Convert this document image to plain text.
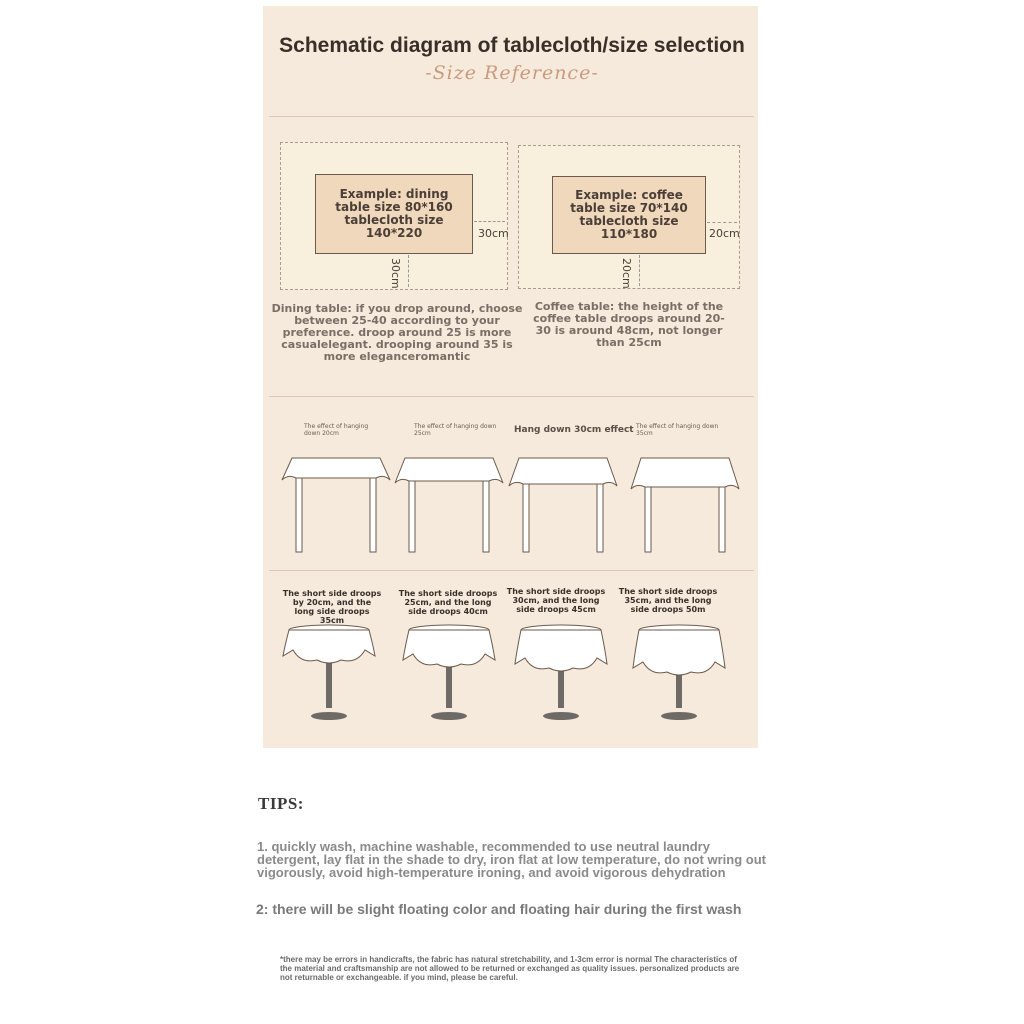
Schematic diagram of tablecloth/size selection
-Size Reference-
Example: dining table size 80*160 tablecloth size 140*220	30cm
30cm
Dining table: if you drop around, choose between 25-40 according to your preference. droop around 25 is more casualelegant. drooping around 35 is more eleganceromantic
Example: coffee table size 70*140 tablecloth size 110*180	20cm
20cm
Coffee table: the height of the coffee table droops around 20-30 is around 48cm, not longer than 25cm
The effect of hanging down 20cm
The effect of hanging down 25cm	Hang down 30cm effect The effect of hanging down 35cm
The short side droops by 20cm, and the long side droops 35cm
The short side droops 25cm, and the long side droops 40cm
The short side droops 30cm, and the long side droops 45cm
The short side droops 35cm, and the long side droops 50m
TIPS:
1. quickly wash, machine washable, recommended to use neutral laundry detergent, lay flat in the shade to dry, iron flat at low temperature, do not wring out vigorously, avoid high-temperature ironing, and avoid vigorous dehydration
2: there will be slight floating color and floating hair during the first wash
*there may be errors in handicrafts, the fabric has natural stretchability, and 1-3cm error is normal The characteristics of the material and craftsmanship are not allowed to be returned or exchanged as quality issues. personalized products are not returnable or exchangeable. if you mind, please be careful.
